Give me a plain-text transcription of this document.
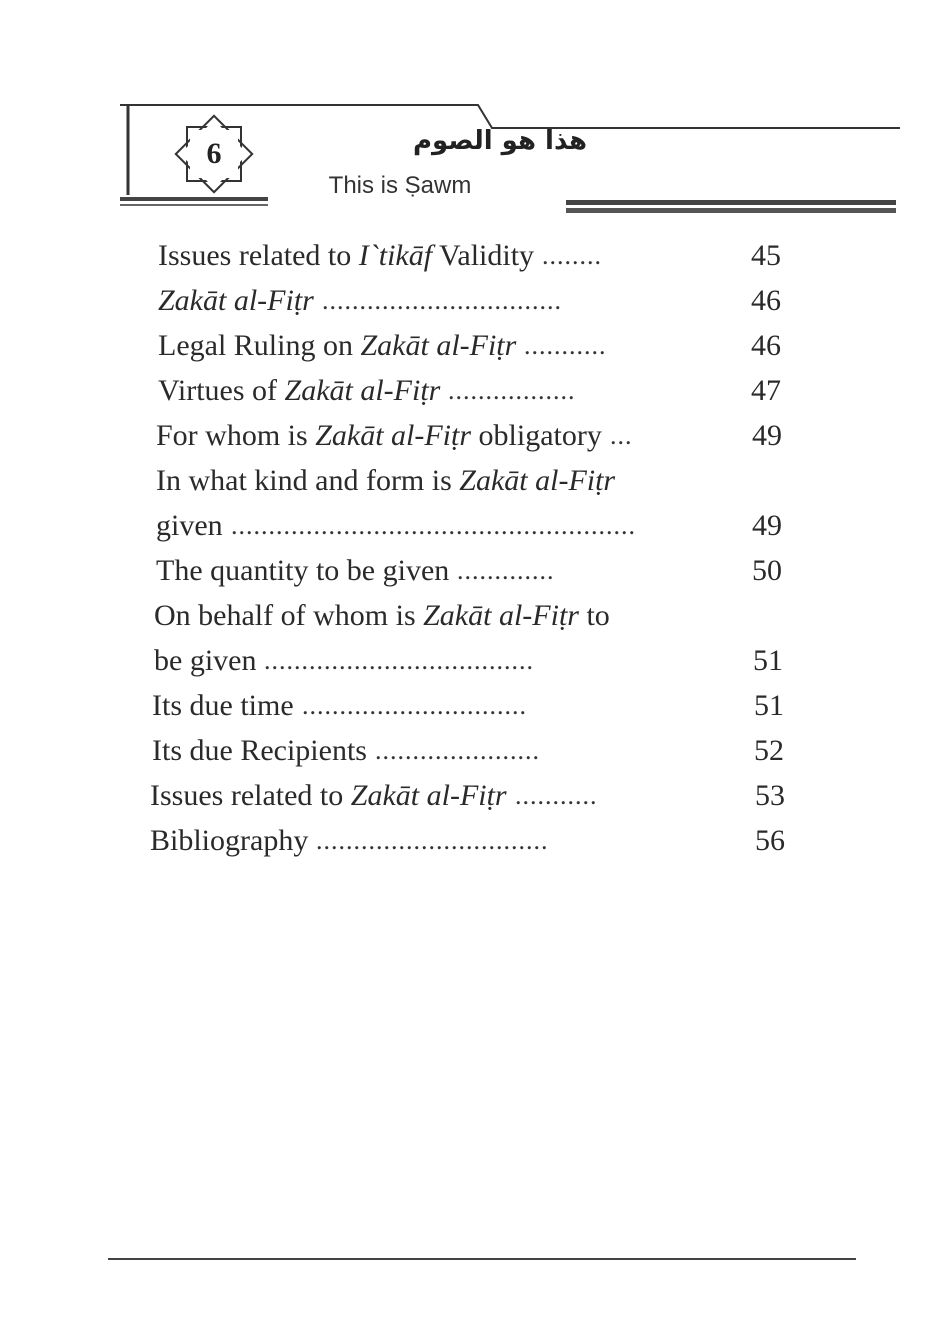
6	هذا هو الصوم
This is Ṣawm
Issues related to I`tikāf Validity ........	45
Zakāt al-Fiṭr ................................	46
Legal Ruling on Zakāt al-Fiṭr ...........	46
Virtues of Zakāt al-Fiṭr .................	47
For whom is Zakāt al-Fiṭr obligatory ...	49
In what kind and form is Zakāt al-Fiṭr
given ......................................................	49
The quantity to be given .............	50
On behalf of whom is Zakāt al-Fiṭr to
be given ....................................	51
Its due time ..............................	51
Its due Recipients ......................	52
Issues related to Zakāt al-Fiṭr ...........	53
Bibliography ...............................	56
